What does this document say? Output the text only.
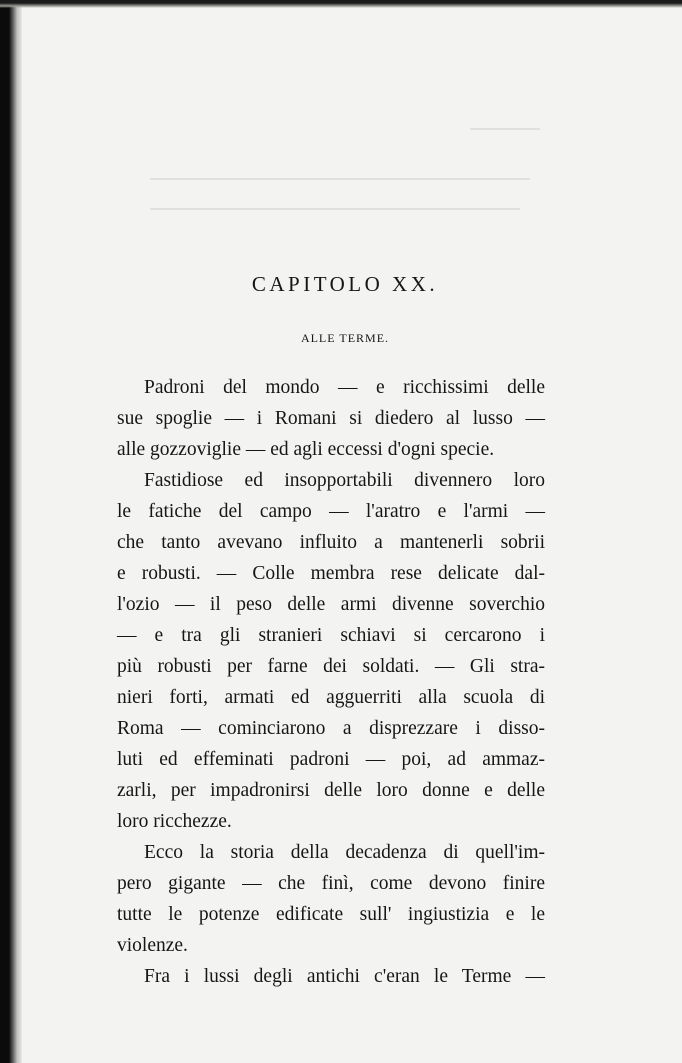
CAPITOLO XX.
ALLE TERME.
Padroni del mondo — e ricchissimi delle
sue spoglie — i Romani si diedero al lusso —
alle gozzoviglie — ed agli eccessi d'ogni specie.
Fastidiose ed insopportabili divennero loro
le fatiche del campo — l'aratro e l'armi —
che tanto avevano influito a mantenerli sobrii
e robusti. — Colle membra rese delicate dal-
l'ozio — il peso delle armi divenne soverchio
— e tra gli stranieri schiavi si cercarono i
più robusti per farne dei soldati. — Gli stra-
nieri forti, armati ed agguerriti alla scuola di
Roma — cominciarono a disprezzare i disso-
luti ed effeminati padroni — poi, ad ammaz-
zarli, per impadronirsi delle loro donne e delle
loro ricchezze.
Ecco la storia della decadenza di quell'im-
pero gigante — che finì, come devono finire
tutte le potenze edificate sull' ingiustizia e le
violenze.
Fra i lussi degli antichi c'eran le Terme —
